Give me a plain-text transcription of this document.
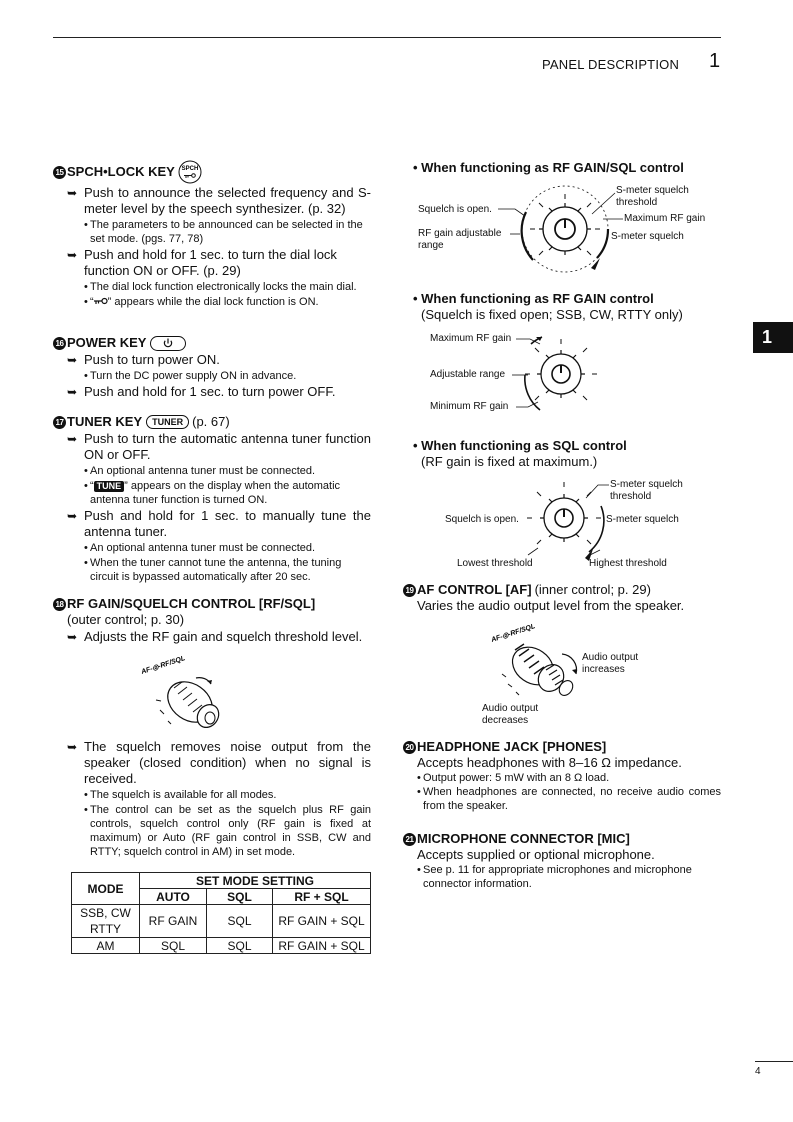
PANEL DESCRIPTION 1
1
15 SPCH•LOCK KEY SPCH
➥ Push to announce the selected frequency and S-meter level by the speech synthesizer. (p. 32)
• The parameters to be announced can be selected in the set mode. (pgs. 77, 78)
➥ Push and hold for 1 sec. to turn the dial lock function ON or OFF. (p. 29)
• The dial lock function electronically locks the main dial.
• “ ” appears while the dial lock function is ON.
16 POWER KEY
➥ Push to turn power ON.
• Turn the DC power supply ON in advance.
➥ Push and hold for 1 sec. to turn power OFF.
17 TUNER KEY	TUNER (p. 67)
➥ Push to turn the automatic antenna tuner function ON or OFF.
• An optional antenna tuner must be connected.
• “ TUNE ” appears on the display when the automatic antenna tuner function is turned ON.
➥ Push and hold for 1 sec. to manually tune the antenna tuner.
• An optional antenna tuner must be connected.
• When the tuner cannot tune the antenna, the tuning circuit is bypassed automatically after 20 sec.
18 RF GAIN/SQUELCH CONTROL [RF/SQL]
(outer control; p. 30)
➥ Adjusts the RF gain and squelch threshold level.
AF-◎-RF/SQL
➥ The squelch removes noise output from the speaker (closed condition) when no signal is received.
• The squelch is available for all modes.
• The control can be set as the squelch plus RF gain controls, squelch control only (RF gain is fixed at maximum) or Auto (RF gain control in SSB, CW and RTTY; squelch control in AM) in set mode.
MODE	SET MODE SETTING		
	AUTO	SQL	RF + SQL
SSB, CW RTTY	RF GAIN	SQL	RF GAIN + SQL
AM	SQL	SQL	RF GAIN + SQL
• When functioning as RF GAIN/SQL control
Squelch is open.
RF gain adjustable range
S-meter squelch threshold
Maximum RF gain
S-meter squelch
• When functioning as RF GAIN control
(Squelch is fixed open; SSB, CW, RTTY only)
Maximum RF gain
Adjustable range
Minimum RF gain
• When functioning as SQL control
(RF gain is fixed at maximum.)
S-meter squelch threshold
Squelch is open.	S-meter squelch
Lowest threshold	Highest threshold
19 AF CONTROL [AF] (inner control; p. 29)
Varies the audio output level from the speaker.
AF-◎-RF/SQL
Audio output increases
Audio output decreases
20 HEADPHONE JACK [PHONES]
Accepts headphones with 8–16 Ω impedance.
• Output power: 5 mW with an 8 Ω load.
• When headphones are connected, no receive audio comes from the speaker.
21 MICROPHONE CONNECTOR [MIC]
Accepts supplied or optional microphone.
• See p. 11 for appropriate microphones and microphone connector information.
4
